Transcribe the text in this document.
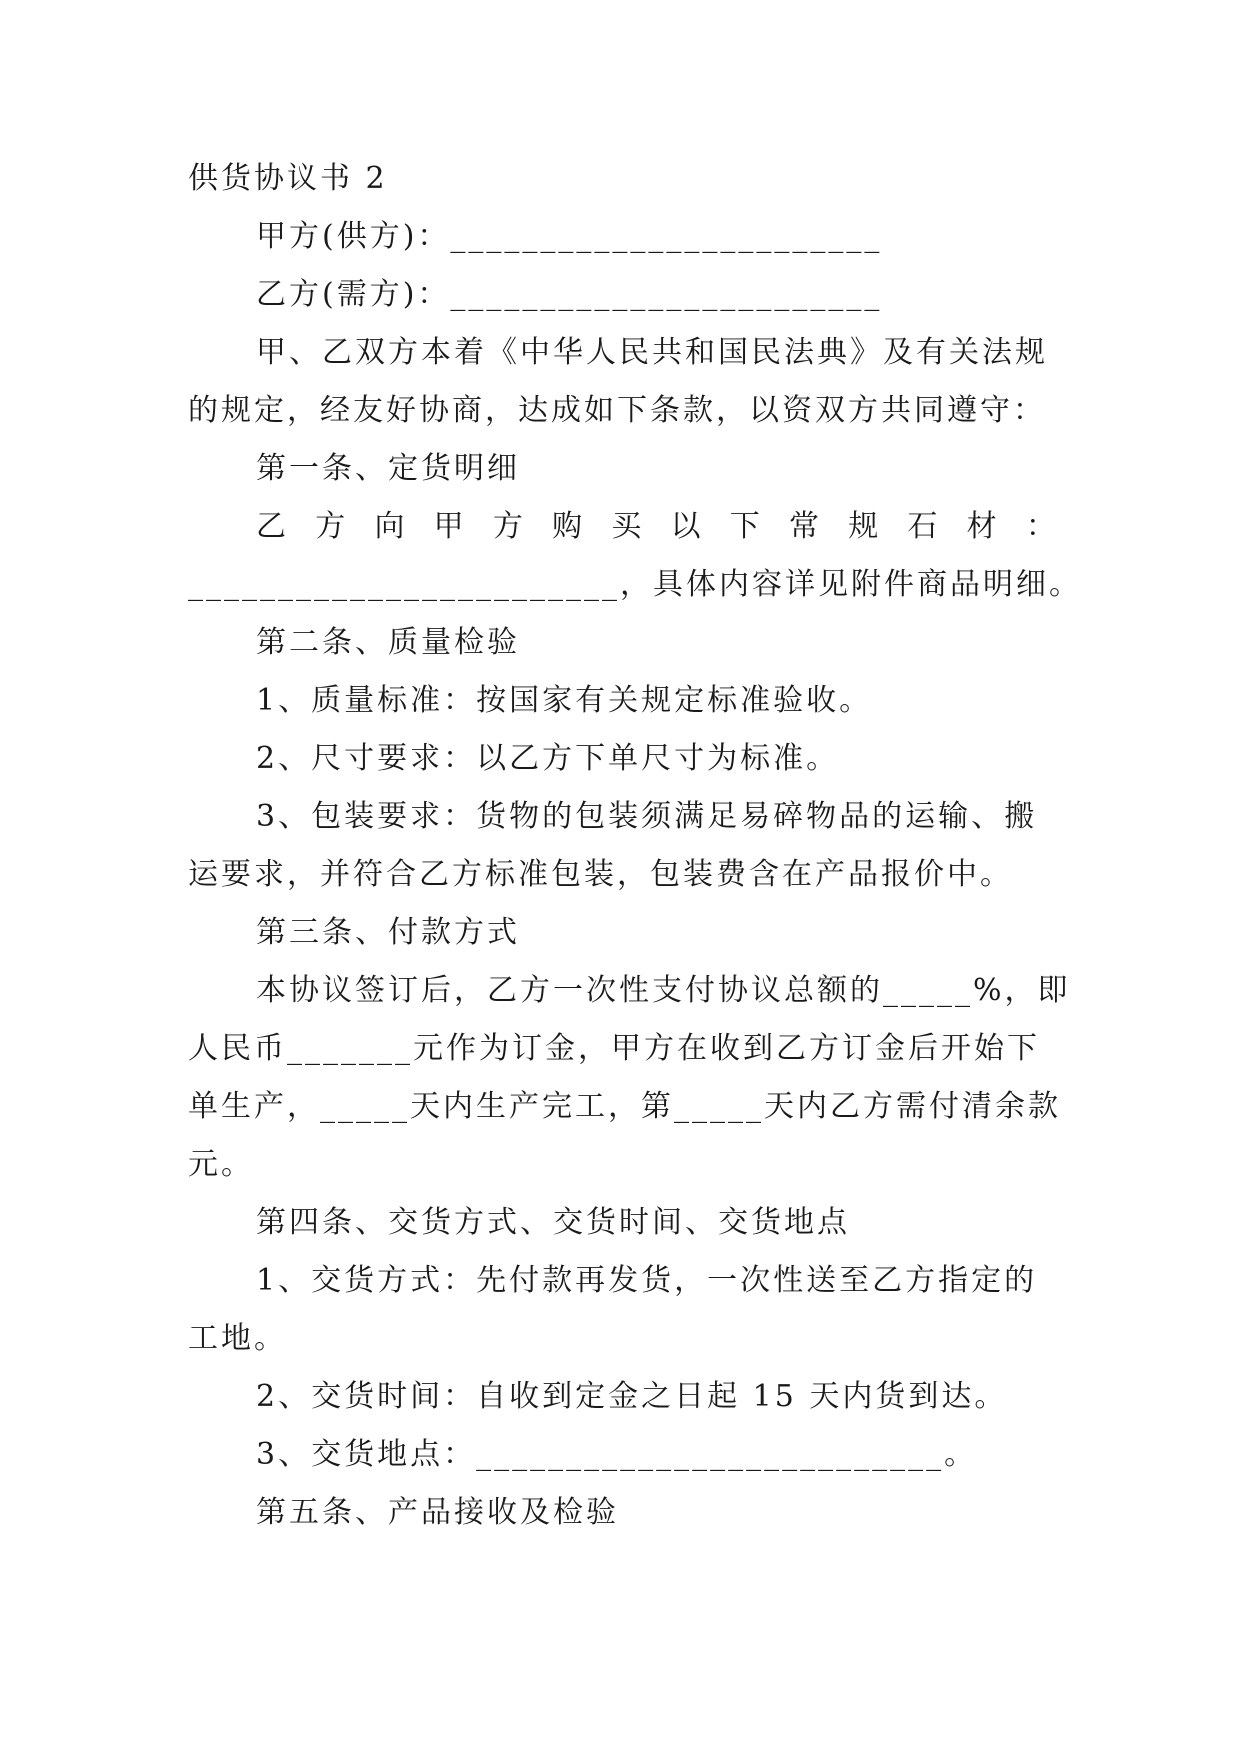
供货协议书 2
甲方(供方)：________________________
乙方(需方)：________________________
甲、乙双方本着《中华人民共和国民法典》及有关法规
的规定，经友好协商，达成如下条款，以资双方共同遵守：
第一条、定货明细
乙 方 向 甲 方 购 买 以 下 常 规 石 材 ：
________________________，具体内容详见附件商品明细。
第二条、质量检验
1、质量标准：按国家有关规定标准验收。
2、尺寸要求：以乙方下单尺寸为标准。
3、包装要求：货物的包装须满足易碎物品的运输、搬
运要求，并符合乙方标准包装，包装费含在产品报价中。
第三条、付款方式
本协议签订后，乙方一次性支付协议总额的_____%，即
人民币_______元作为订金，甲方在收到乙方订金后开始下
单生产，_____天内生产完工，第_____天内乙方需付清余款
元。
第四条、交货方式、交货时间、交货地点
1、交货方式：先付款再发货，一次性送至乙方指定的
工地。
2、交货时间：自收到定金之日起 15 天内货到达。
3、交货地点：__________________________。
第五条、产品接收及检验
